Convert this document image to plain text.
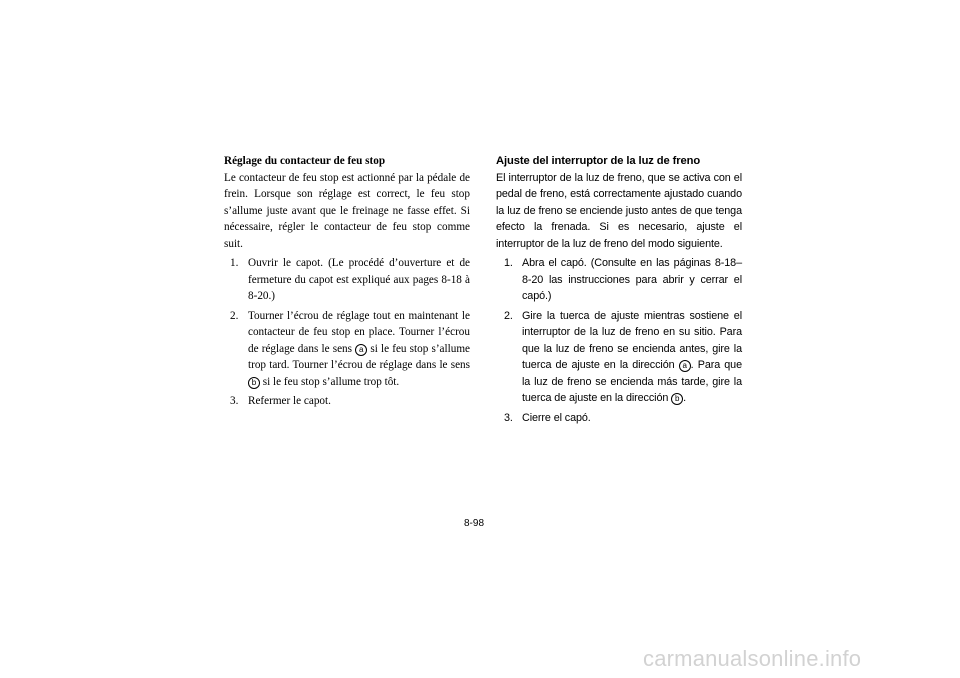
Réglage du contacteur de feu stop

Le contacteur de feu stop est actionné par la pédale de frein. Lorsque son réglage est correct, le feu stop s’allume juste avant que le freinage ne fasse effet. Si nécessaire, régler le contacteur de feu stop comme suit.

1. Ouvrir le capot. (Le procédé d’ouverture et de fermeture du capot est expliqué aux pages 8-18 à 8-20.)
2. Tourner l’écrou de réglage tout en maintenant le contacteur de feu stop en place. Tourner l’écrou de réglage dans le sens a si le feu stop s’allume trop tard. Tourner l’écrou de réglage dans le sens b si le feu stop s’allume trop tôt.
3. Refermer le capot.
Ajuste del interruptor de la luz de freno

El interruptor de la luz de freno, que se activa con el pedal de freno, está correctamente ajustado cuando la luz de freno se enciende justo antes de que tenga efecto la frenada. Si es necesario, ajuste el interruptor de la luz de freno del modo siguiente.

1. Abra el capó. (Consulte en las páginas 8-18–8-20 las instrucciones para abrir y cerrar el capó.)
2. Gire la tuerca de ajuste mientras sostiene el interruptor de la luz de freno en su sitio. Para que la luz de freno se encienda antes, gire la tuerca de ajuste en la dirección a . Para que la luz de freno se encienda más tarde, gire la tuerca de ajuste en la dirección b .
3. Cierre el capó.
8-98
carmanualsonline.info
